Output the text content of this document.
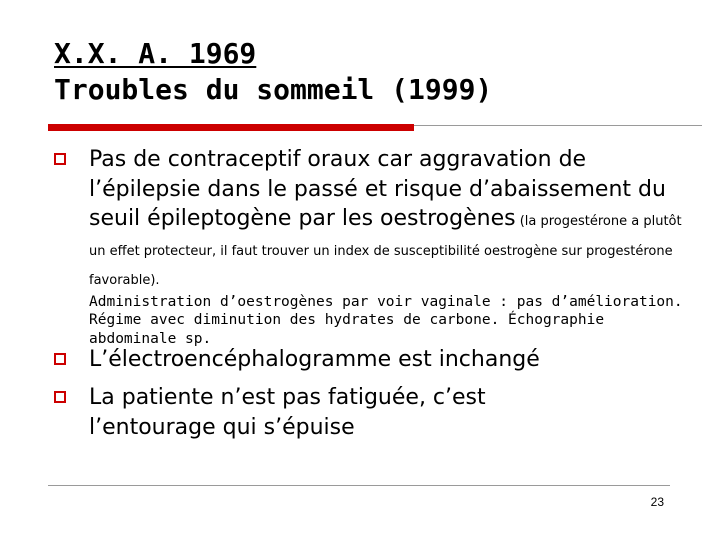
X.X. A. 1969
Troubles du sommeil (1999)
Pas de contraceptif oraux car aggravation de l’épilepsie dans le passé et risque d’abaissement du seuil épileptogène par les oestrogènes (la progestérone a plutôt un effet protecteur, il faut trouver un index de susceptibilité oestrogène sur progestérone favorable).
Administration d’oestrogènes par voir vaginale : pas d’amélioration. Régime avec diminution des hydrates de carbone. Échographie abdominale sp.
L’électroencéphalogramme est inchangé
La patiente n’est pas fatiguée, c’est l’entourage qui s’épuise
23
